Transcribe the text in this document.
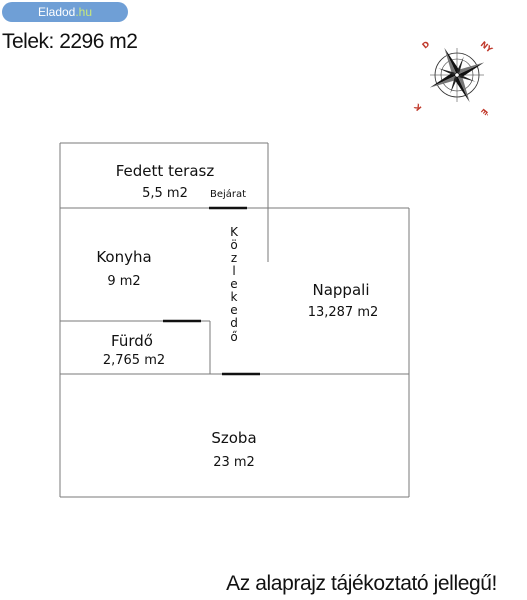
Eladod.hu
Telek: 2296 m2	D	NY
K	É
Fedett terasz
5,5 m2 Bejárat
Konyha
9 m2
Fürdő
2,765 m2
K
ö
z
l
e
k
e
d
ő
Nappali
13,287 m2
Szoba
23 m2
Az alaprajz tájékoztató jellegű!
